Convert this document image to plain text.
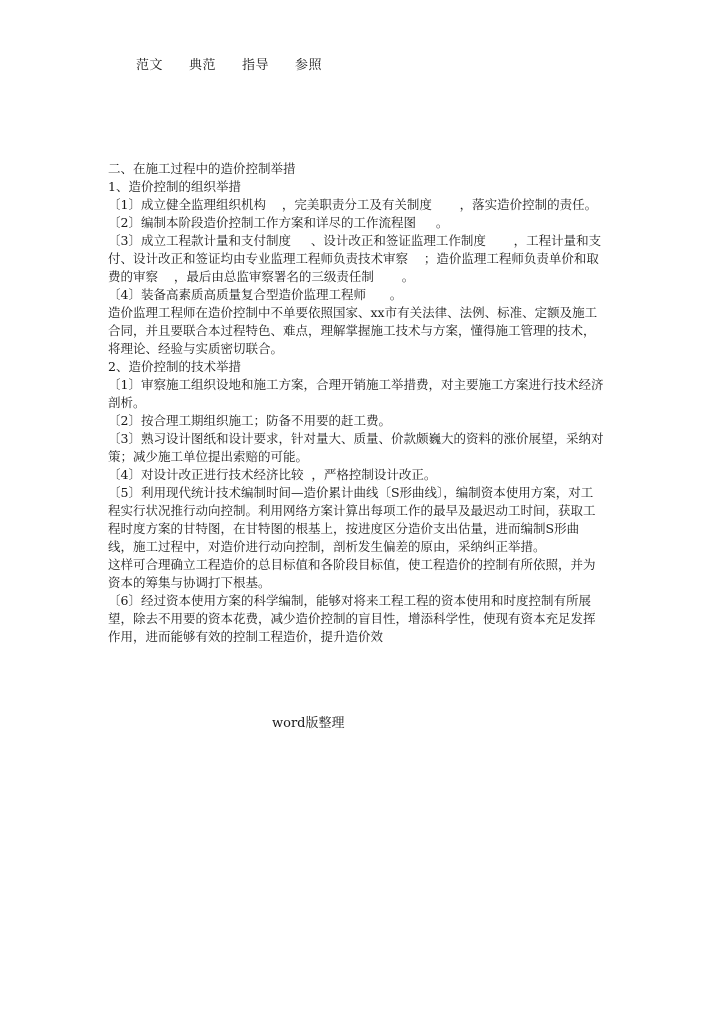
范文 典范 指导 参照

二、在施工过程中的造价控制举措

1、造价控制的组织举措

〔1〕成立健全监理组织机构    ，完美职责分工及有关制度       ，落实造价控制的责任。

〔2〕编制本阶段造价控制工作方案和详尽的工作流程图     。

〔3〕成立工程款计量和支付制度     、设计改正和签证监理工作制度       ，工程计量和支付、设计改正和签证均由专业监理工程师负责技术审察    ；造价监理工程师负责单价和取费的审察    ，最后由总监审察署名的三级责任制       。

〔4〕装备高素质高质量复合型造价监理工程师      。

造价监理工程师在造价控制中不单要依照国家、xx市有关法律、法例、标准、定额及施工合同，并且要联合本过程特色、难点，理解掌握施工技术与方案，懂得施工管理的技术，将理论、经验与实质密切联合。

2、造价控制的技术举措

〔1〕审察施工组织设地和施工方案，合理开销施工举措费，对主要施工方案进行技术经济剖析。

〔2〕按合理工期组织施工；防备不用要的赶工费。

〔3〕熟习设计图纸和设计要求，针对量大、质量、价款颇巍大的资料的涨价展望，采纳对策；减少施工单位提出索赔的可能。

〔4〕对设计改正进行技术经济比较  ，严格控制设计改正。

〔5〕利用现代统计技术编制时间—造价累计曲线〔S形曲线〕，编制资本使用方案，对工程实行状况推行动向控制。利用网络方案计算出每项工作的最早及最迟动工时间，获取工程时度方案的甘特图，在甘特图的根基上，按进度区分造价支出估量，进而编制S形曲线，施工过程中，对造价进行动向控制，剖析发生偏差的原由，采纳纠正举措。

这样可合理确立工程造价的总目标值和各阶段目标值，使工程造价的控制有所依照，并为资本的筹集与协调打下根基。

〔6〕经过资本使用方案的科学编制，能够对将来工程工程的资本使用和时度控制有所展望，除去不用要的资本花费，减少造价控制的盲目性，增添科学性，使现有资本充足发挥作用，进而能够有效的控制工程造价，提升造价效

word版整理
